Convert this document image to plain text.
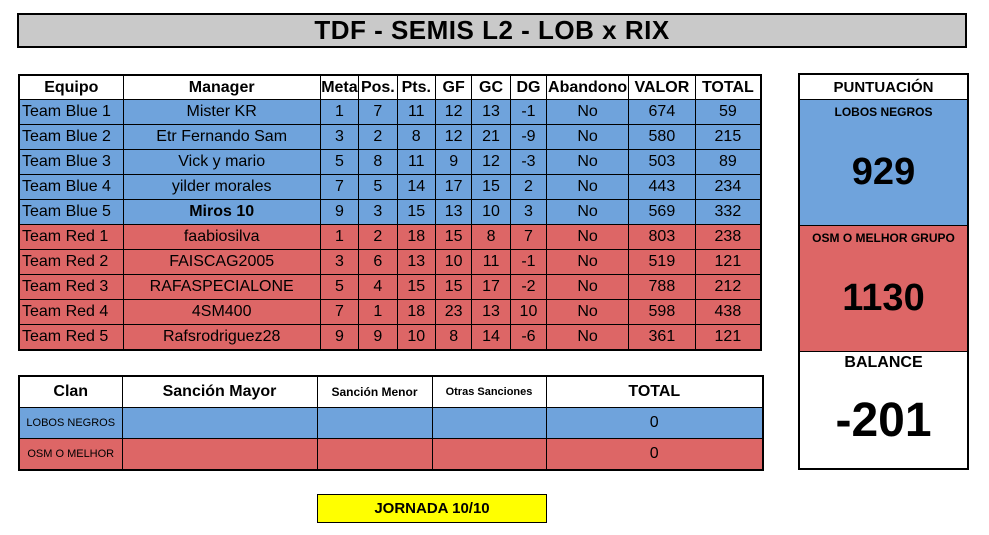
TDF - SEMIS L2 - LOB x RIX
Equipo	Manager	Meta	Pos.	Pts.	GF	GC	DG	Abandono	VALOR	TOTAL
Team Blue 1	Mister KR	1	7	11	12	13	-1	No	674	59
Team Blue 2	Etr Fernando Sam	3	2	8	12	21	-9	No	580	215
Team Blue 3	Vick y mario	5	8	11	9	12	-3	No	503	89
Team Blue 4	yilder morales	7	5	14	17	15	2	No	443	234
Team Blue 5	Miros 10	9	3	15	13	10	3	No	569	332
Team Red 1	faabiosilva	1	2	18	15	8	7	No	803	238
Team Red 2	FAISCAG2005	3	6	13	10	11	-1	No	519	121
Team Red 3	RAFASPECIALONE	5	4	15	15	17	-2	No	788	212
Team Red 4	4SM400	7	1	18	23	13	10	No	598	438
Team Red 5	Rafsrodriguez28	9	9	10	8	14	-6	No	361	121
Clan	Sanción Mayor	Sanción Menor	Otras Sanciones	TOTAL
LOBOS NEGROS				0
OSM O MELHOR				0
PUNTUACIÓN
LOBOS NEGROS
929
OSM O MELHOR GRUPO
1130
BALANCE
-201
JORNADA 10/10
